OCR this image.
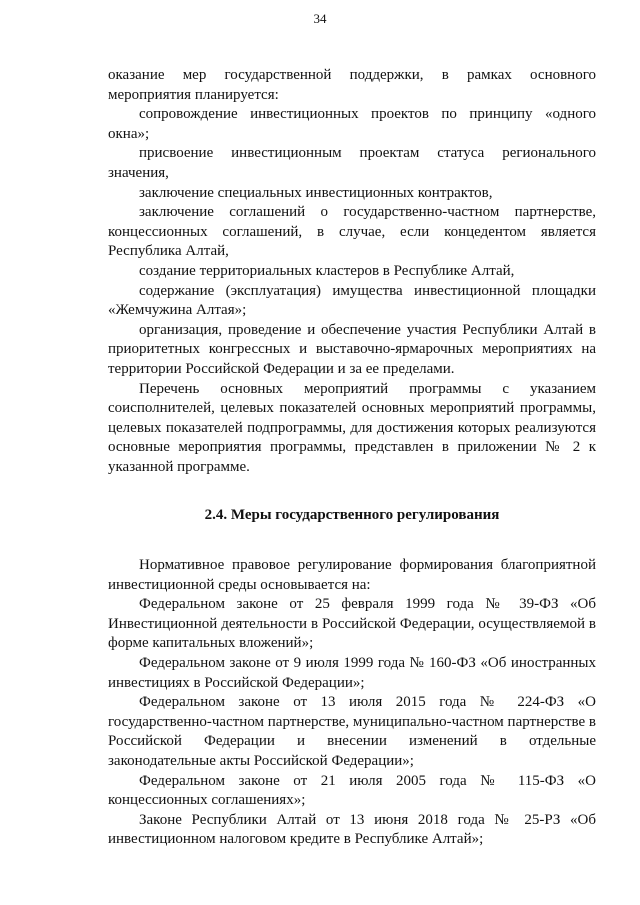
34

оказание мер государственной поддержки, в рамках основного мероприятия планируется:

сопровождение инвестиционных проектов по принципу «одного окна»;

присвоение инвестиционным проектам статуса регионального значения,

заключение специальных инвестиционных контрактов,

заключение соглашений о государственно-частном партнерстве, концессионных соглашений, в случае, если концедентом является Республика Алтай,

создание территориальных кластеров в Республике Алтай,

содержание (эксплуатация) имущества инвестиционной площадки «Жемчужина Алтая»;

организация, проведение и обеспечение участия Республики Алтай в приоритетных конгрессных и выставочно-ярмарочных мероприятиях на территории Российской Федерации и за ее пределами.

Перечень основных мероприятий программы с указанием соисполнителей, целевых показателей основных мероприятий программы, целевых показателей подпрограммы, для достижения которых реализуются основные мероприятия программы, представлен в приложении № 2 к указанной программе.

2.4. Меры государственного регулирования

Нормативное правовое регулирование формирования благоприятной инвестиционной среды основывается на:

Федеральном законе от 25 февраля 1999 года № 39-ФЗ «Об Инвестиционной деятельности в Российской Федерации, осуществляемой в форме капитальных вложений»;

Федеральном законе от 9 июля 1999 года № 160-ФЗ «Об иностранных инвестициях в Российской Федерации»;

Федеральном законе от 13 июля 2015 года № 224-ФЗ «О государственно-частном партнерстве, муниципально-частном партнерстве в Российской Федерации и внесении изменений в отдельные законодательные акты Российской Федерации»;

Федеральном законе от 21 июля 2005 года № 115-ФЗ «О концессионных соглашениях»;

Законе Республики Алтай от 13 июня 2018 года № 25-РЗ «Об инвестиционном налоговом кредите в Республике Алтай»;
